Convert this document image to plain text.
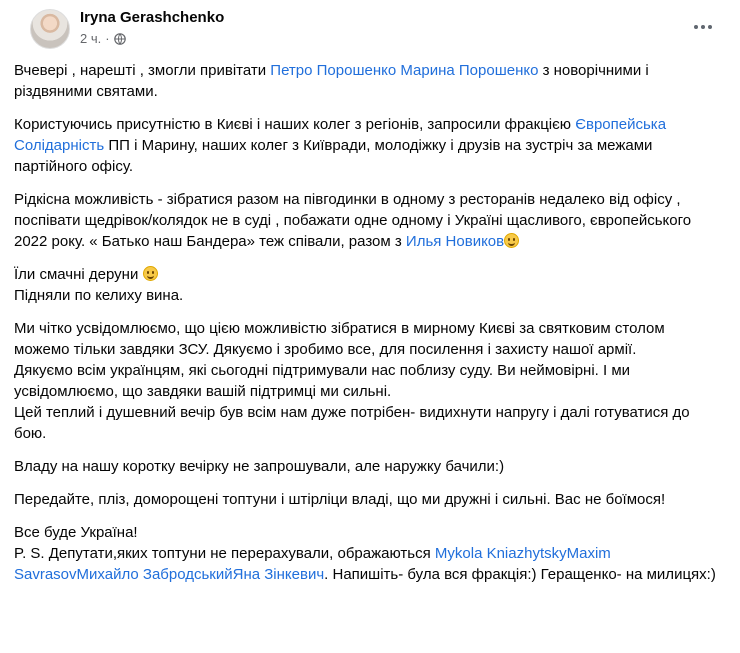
Iryna Gerashchenko
2 ч. ·

Вчевері , нарешті , змогли привітати Петро Порошенко Марина Порошенко з новорічними і різдвяними святами.

Користуючись присутністю в Києві і наших колег з регіонів, запросили фракцією Європейська Солідарність ПП і Марину, наших колег з Київради, молодіжку і друзів на зустріч за межами партійного офісу.

Рідкісна можливість - зібратися разом на півгодинки в одному з ресторанів недалеко від офісу , поспівати щедрівок/колядок не в суді , побажати одне одному і Україні щасливого, європейського 2022 року. « Батько наш Бандера» теж співали, разом з Илья Новиков

Їли смачні деруни

Підняли по келиху вина.

Ми чітко усвідомлюємо, що цією можливістю зібратися в мирному Києві за святковим столом можемо тільки завдяки ЗСУ. Дякуємо і зробимо все, для посилення і захисту нашої армії.

Дякуємо всім українцям, які сьогодні підтримували нас поблизу суду. Ви неймовірні. І ми усвідомлюємо, що завдяки вашій підтримці ми сильні.

Цей теплий і душевний вечір був всім нам дуже потрібен- видихнути напругу і далі готуватися до бою.

Владу на нашу коротку вечірку не запрошували, але наружку бачили:)

Передайте, пліз, доморощені топтуни і штірліци владі, що ми дружні і сильні. Вас не боїмося!

Все буде Україна!

P. S. Депутати,яких топтуни не перерахували, ображаються Mykola KniazhytskyMaxim SavrasovМихайло ЗабродськийЯна Зінкевич. Напишіть- була вся фракція:) Геращенко- на милицях:)
